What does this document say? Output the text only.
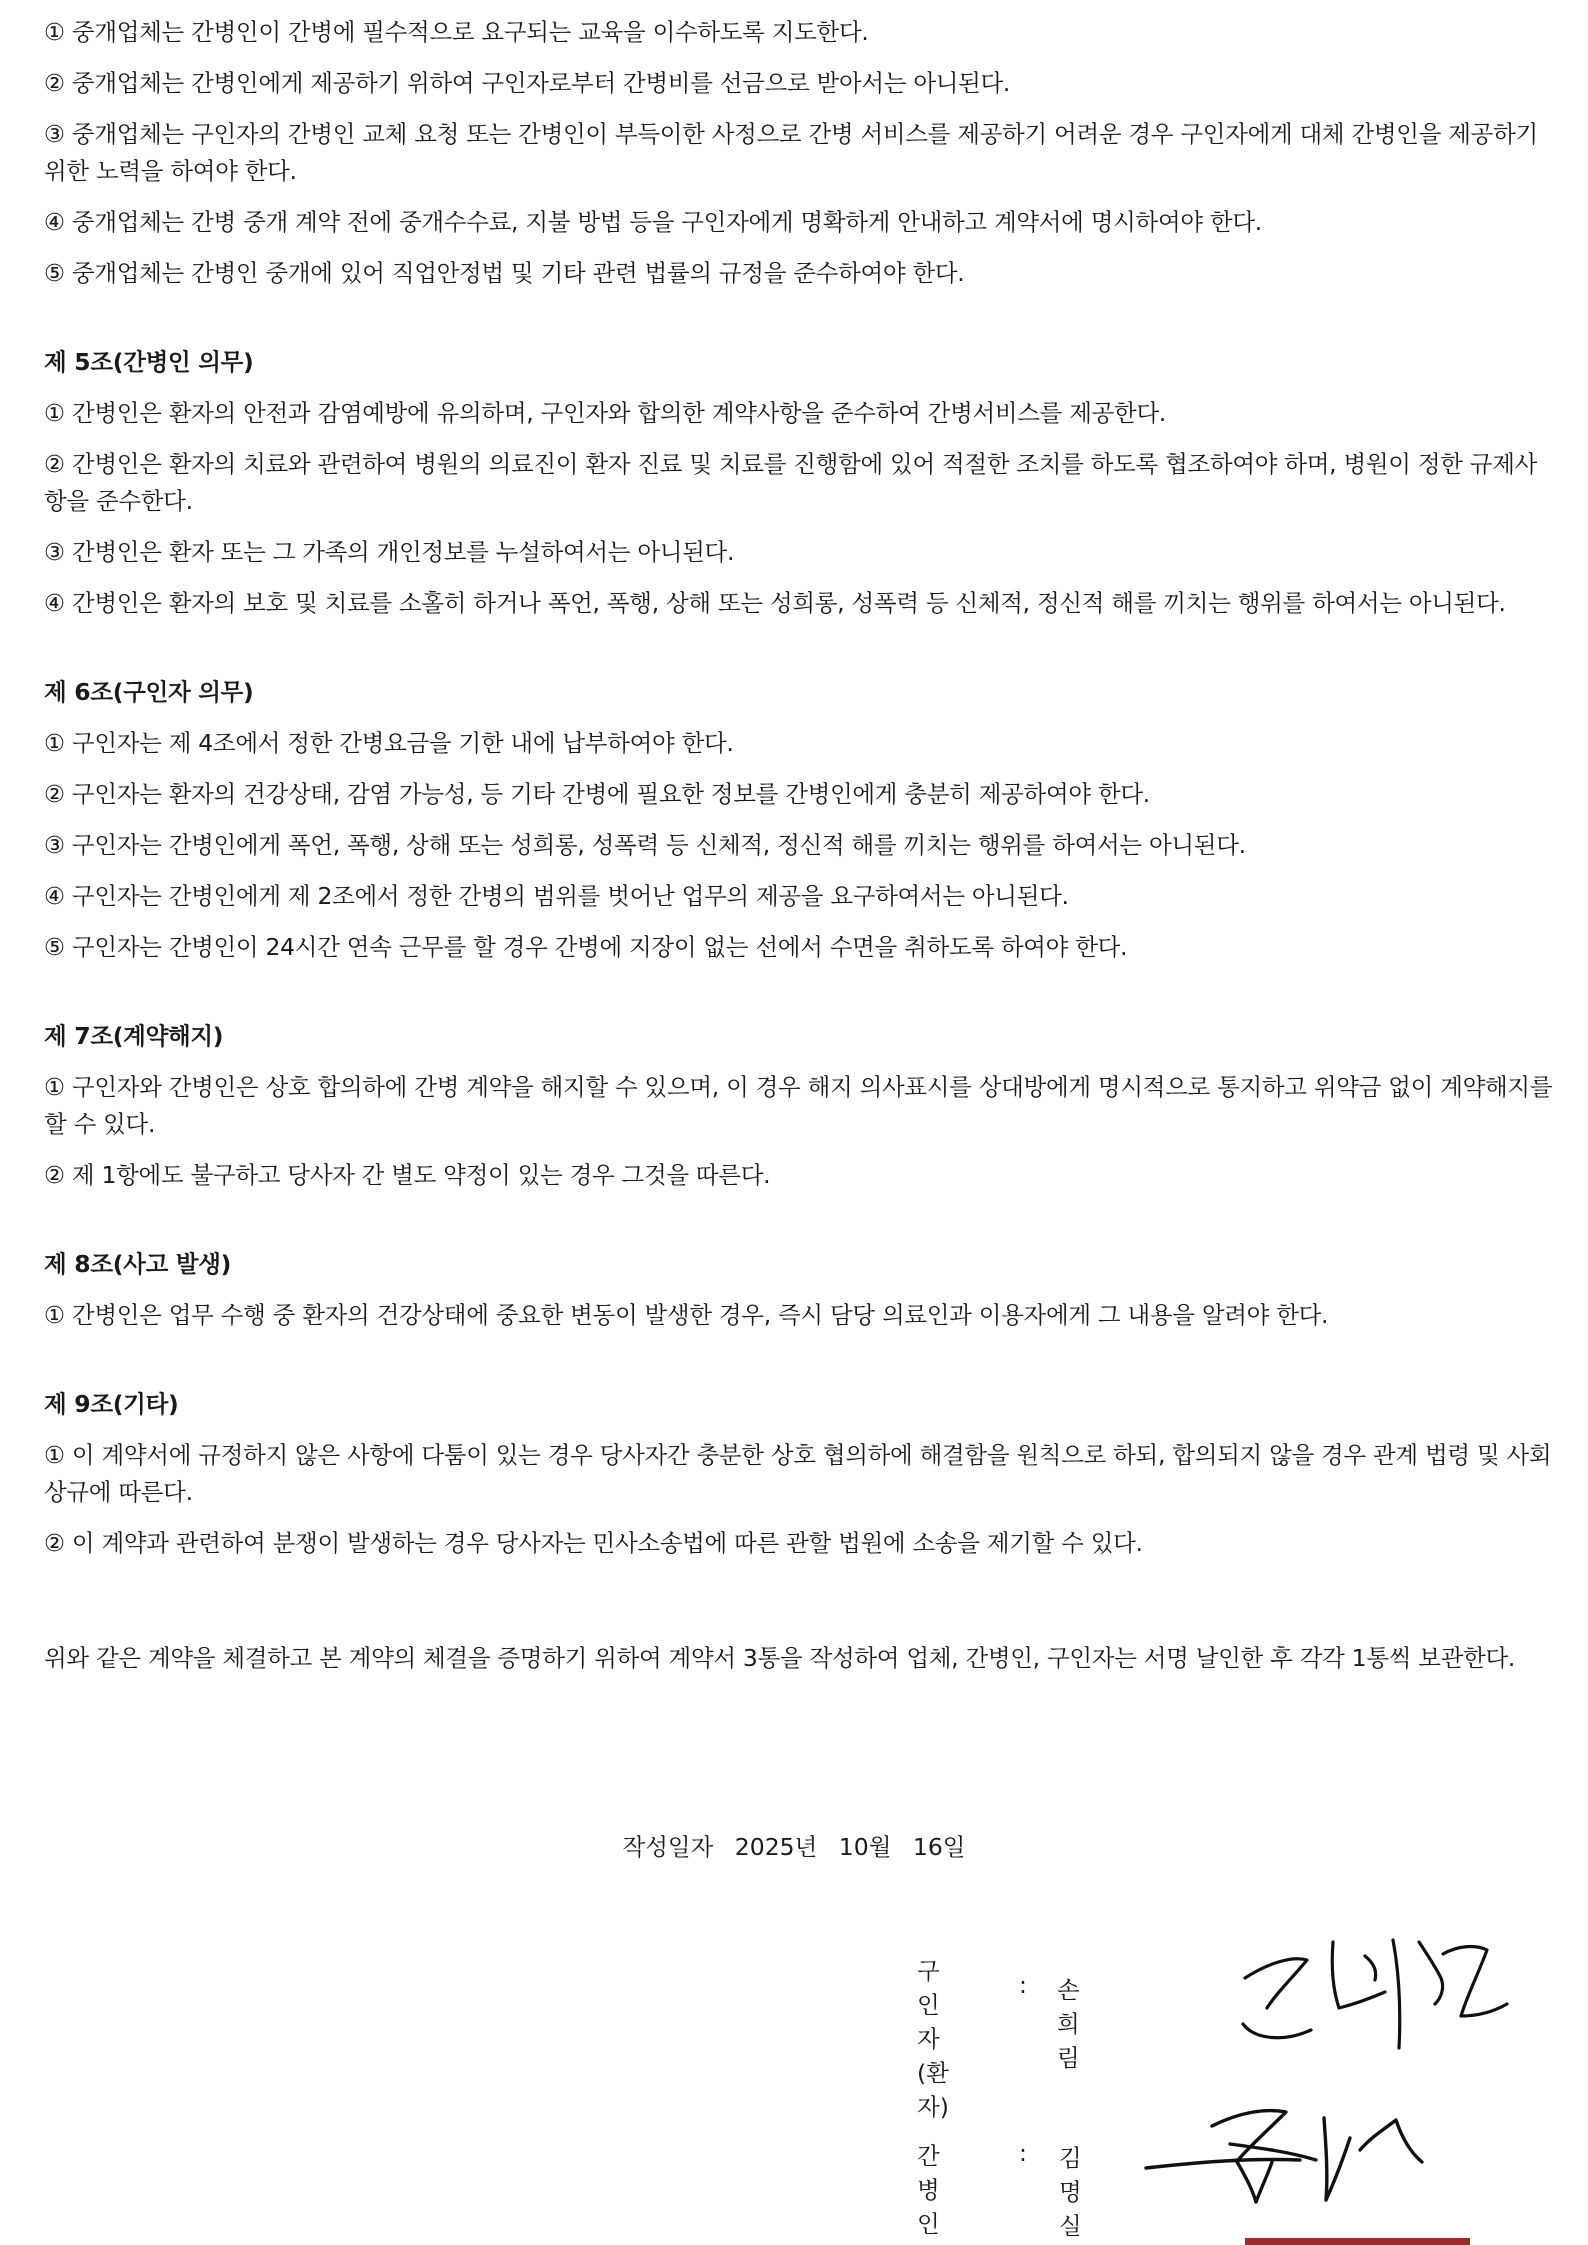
① 중개업체는 간병인이 간병에 필수적으로 요구되는 교육을 이수하도록 지도한다.

② 중개업체는 간병인에게 제공하기 위하여 구인자로부터 간병비를 선금으로 받아서는 아니된다.

③ 중개업체는 구인자의 간병인 교체 요청 또는 간병인이 부득이한 사정으로 간병 서비스를 제공하기 어려운 경우 구인자에게 대체 간병인을 제공하기 위한 노력을 하여야 한다.

④ 중개업체는 간병 중개 계약 전에 중개수수료, 지불 방법 등을 구인자에게 명확하게 안내하고 계약서에 명시하여야 한다.

⑤ 중개업체는 간병인 중개에 있어 직업안정법 및 기타 관련 법률의 규정을 준수하여야 한다.

제 5조(간병인 의무)

① 간병인은 환자의 안전과 감염예방에 유의하며, 구인자와 합의한 계약사항을 준수하여 간병서비스를 제공한다.

② 간병인은 환자의 치료와 관련하여 병원의 의료진이 환자 진료 및 치료를 진행함에 있어 적절한 조치를 하도록 협조하여야 하며, 병원이 정한 규제사항을 준수한다.

③ 간병인은 환자 또는 그 가족의 개인정보를 누설하여서는 아니된다.

④ 간병인은 환자의 보호 및 치료를 소홀히 하거나 폭언, 폭행, 상해 또는 성희롱, 성폭력 등 신체적, 정신적 해를 끼치는 행위를 하여서는 아니된다.

제 6조(구인자 의무)

① 구인자는 제 4조에서 정한 간병요금을 기한 내에 납부하여야 한다.

② 구인자는 환자의 건강상태, 감염 가능성, 등 기타 간병에 필요한 정보를 간병인에게 충분히 제공하여야 한다.

③ 구인자는 간병인에게 폭언, 폭행, 상해 또는 성희롱, 성폭력 등 신체적, 정신적 해를 끼치는 행위를 하여서는 아니된다.

④ 구인자는 간병인에게 제 2조에서 정한 간병의 범위를 벗어난 업무의 제공을 요구하여서는 아니된다.

⑤ 구인자는 간병인이 24시간 연속 근무를 할 경우 간병에 지장이 없는 선에서 수면을 취하도록 하여야 한다.

제 7조(계약해지)

① 구인자와 간병인은 상호 합의하에 간병 계약을 해지할 수 있으며, 이 경우 해지 의사표시를 상대방에게 명시적으로 통지하고 위약금 없이 계약해지를 할 수 있다.

② 제 1항에도 불구하고 당사자 간 별도 약정이 있는 경우 그것을 따른다.

제 8조(사고 발생)

① 간병인은 업무 수행 중 환자의 건강상태에 중요한 변동이 발생한 경우, 즉시 담당 의료인과 이용자에게 그 내용을 알려야 한다.

제 9조(기타)

① 이 계약서에 규정하지 않은 사항에 다툼이 있는 경우 당사자간 충분한 상호 협의하에 해결함을 원칙으로 하되, 합의되지 않을 경우 관계 법령 및 사회상규에 따른다.

② 이 계약과 관련하여 분쟁이 발생하는 경우 당사자는 민사소송법에 따른 관할 법원에 소송을 제기할 수 있다.

위와 같은 계약을 체결하고 본 계약의 체결을 증명하기 위하여 계약서 3통을 작성하여 업체, 간병인, 구인자는 서명 날인한 후 각각 1통씩 보관한다.

작성일자 2025년 10월 16일
구인자
(환자)
: 손희림
간병인
: 김명실
